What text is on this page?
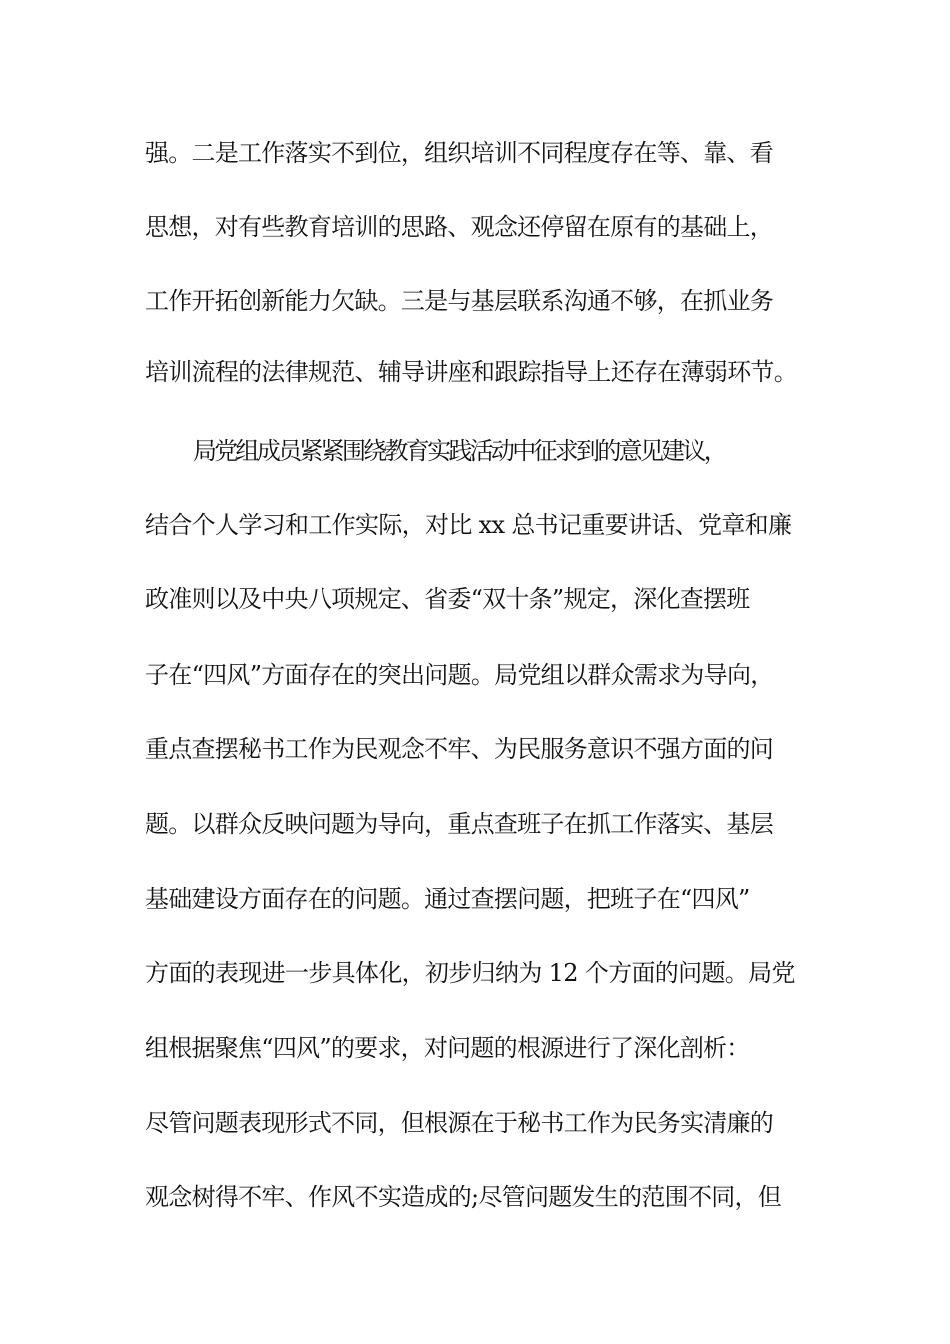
强。二是工作落实不到位，组织培训不同程度存在等、靠、看
思想，对有些教育培训的思路、观念还停留在原有的基础上，
工作开拓创新能力欠缺。三是与基层联系沟通不够，在抓业务
培训流程的法律规范、辅导讲座和跟踪指导上还存在薄弱环节。
局党组成员紧紧围绕教育实践活动中征求到的意见建议，
结合个人学习和工作实际，对比 xx 总书记重要讲话、党章和廉
政准则以及中央八项规定、省委“双十条”规定，深化查摆班
子在“四风”方面存在的突出问题。局党组以群众需求为导向，
重点查摆秘书工作为民观念不牢、为民服务意识不强方面的问
题。以群众反映问题为导向，重点查班子在抓工作落实、基层
基础建设方面存在的问题。通过查摆问题，把班子在“四风”
方面的表现进一步具体化，初步归纳为 12 个方面的问题。局党
组根据聚焦“四风”的要求，对问题的根源进行了深化剖析：
尽管问题表现形式不同，但根源在于秘书工作为民务实清廉的
观念树得不牢、作风不实造成的;尽管问题发生的范围不同，但
